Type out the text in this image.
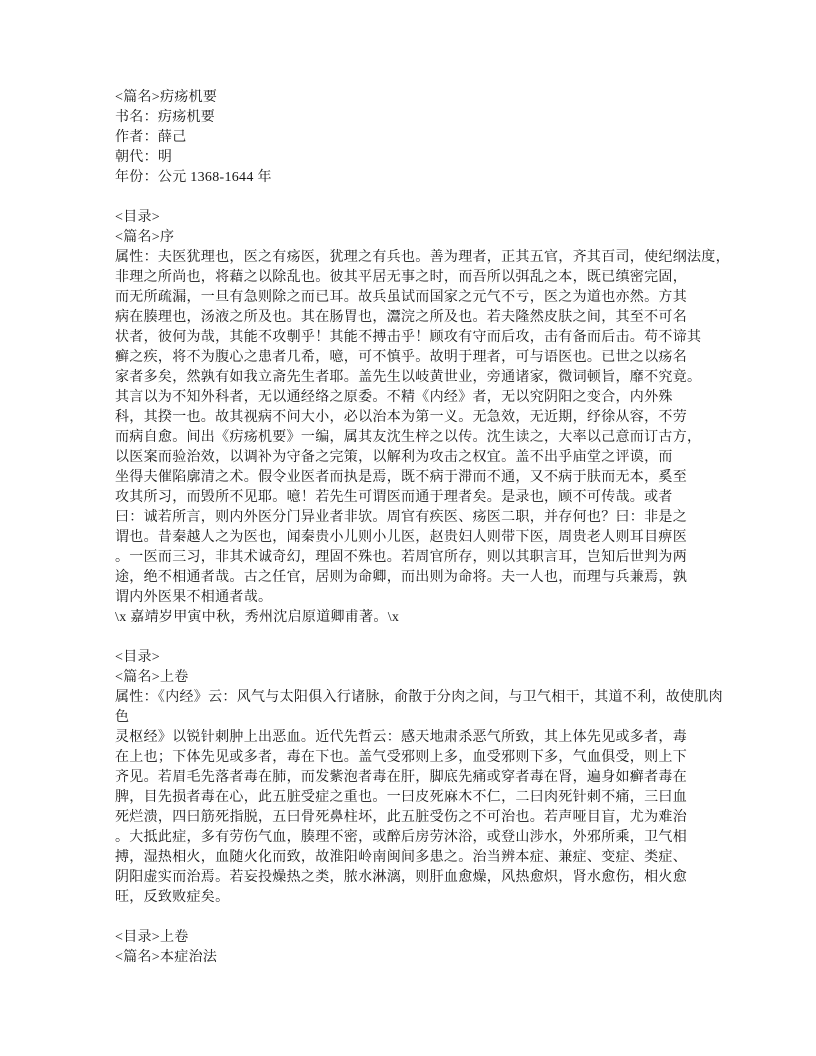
<篇名>疠疡机要
书名：疠疡机要
作者：薛己
朝代：明
年份：公元 1368-1644 年
<目录>
<篇名>序
属性：夫医犹理也，医之有疡医，犹理之有兵也。善为理者，正其五官，齐其百司，使纪纲法度，
非理之所尚也，将藉之以除乱也。彼其平居无事之时，而吾所以弭乱之本，既已缜密完固，
而无所疏漏，一旦有急则除之而已耳。故兵虽试而国家之元气不亏，医之为道也亦然。方其
病在腠理也，汤液之所及也。其在肠胃也，灊浣之所及也。若夫隆然皮肤之间，其至不可名
状者，彼何为哉，其能不攻剸乎！其能不搏击乎！顾攻有守而后攻，击有备而后击。苟不谛其
癣之疾，将不为腹心之患者几希，噫，可不慎乎。故明于理者，可与语医也。已世之以疡名
家者多矣，然孰有如我立斋先生者耶。盖先生以岐黄世业，旁通诸家，微词顿旨，靡不究竟。
其言以为不知外科者，无以通经络之原委。不精《内经》者，无以究阴阳之变合，内外殊
科，其揆一也。故其视病不问大小，必以治本为第一义。无急效，无近期，纾徐从容，不劳
而病自愈。间出《疠疡机要》一编，属其友沈生梓之以传。沈生读之，大率以己意而订古方，
以医案而验治效，以调补为守备之完策，以解利为攻击之权宜。盖不出乎庙堂之评谟，而
坐得夫催陷廓清之术。假令业医者而执是焉，既不病于滞而不通，又不病于肤而无本，奚至
攻其所习，而毁所不见耶。噫！若先生可谓医而通于理者矣。是录也，顾不可传哉。或者
曰：诚若所言，则内外医分门异业者非欤。周官有疾医、疡医二职，并存何也？曰：非是之
谓也。昔秦越人之为医也，闻秦贵小儿则小儿医，赵贵妇人则带下医，周贵老人则耳目痹医
。一医而三习，非其术诚奇幻，理固不殊也。若周官所存，则以其职言耳，岂知后世判为两
途，绝不相通者哉。古之任官，居则为命卿，而出则为命将。夫一人也，而理与兵兼焉，孰
谓内外医果不相通者哉。
\x 嘉靖岁甲寅中秋，秀州沈启原道卿甫著。\x
<目录>
<篇名>上卷
属性：《内经》云：风气与太阳俱入行诸脉，俞散于分肉之间，与卫气相干，其道不利，故使肌肉
色
灵枢经》以锐针刺肿上出恶血。近代先哲云：感天地肃杀恶气所致，其上体先见或多者，毒
在上也；下体先见或多者，毒在下也。盖气受邪则上多，血受邪则下多，气血俱受，则上下
齐见。若眉毛先落者毒在肺，而发紫泡者毒在肝，脚底先痛或穿者毒在肾，遍身如癣者毒在
脾，目先损者毒在心，此五脏受症之重也。一曰皮死麻木不仁，二曰肉死针刺不痛，三曰血
死烂溃，四曰筋死指脱，五曰骨死鼻柱坏，此五脏受伤之不可治也。若声哑目盲，尤为难治
。大抵此症，多有劳伤气血，腠理不密，或醉后房劳沐浴，或登山涉水，外邪所乘，卫气相
搏，湿热相火，血随火化而致，故淮阳岭南闽间多患之。治当辨本症、兼症、变症、类症、
阴阳虚实而治焉。若妄投燥热之类，脓水淋漓，则肝血愈燥，风热愈炽，肾水愈伤，相火愈
旺，反致败症矣。
<目录>上卷
<篇名>本症治法
